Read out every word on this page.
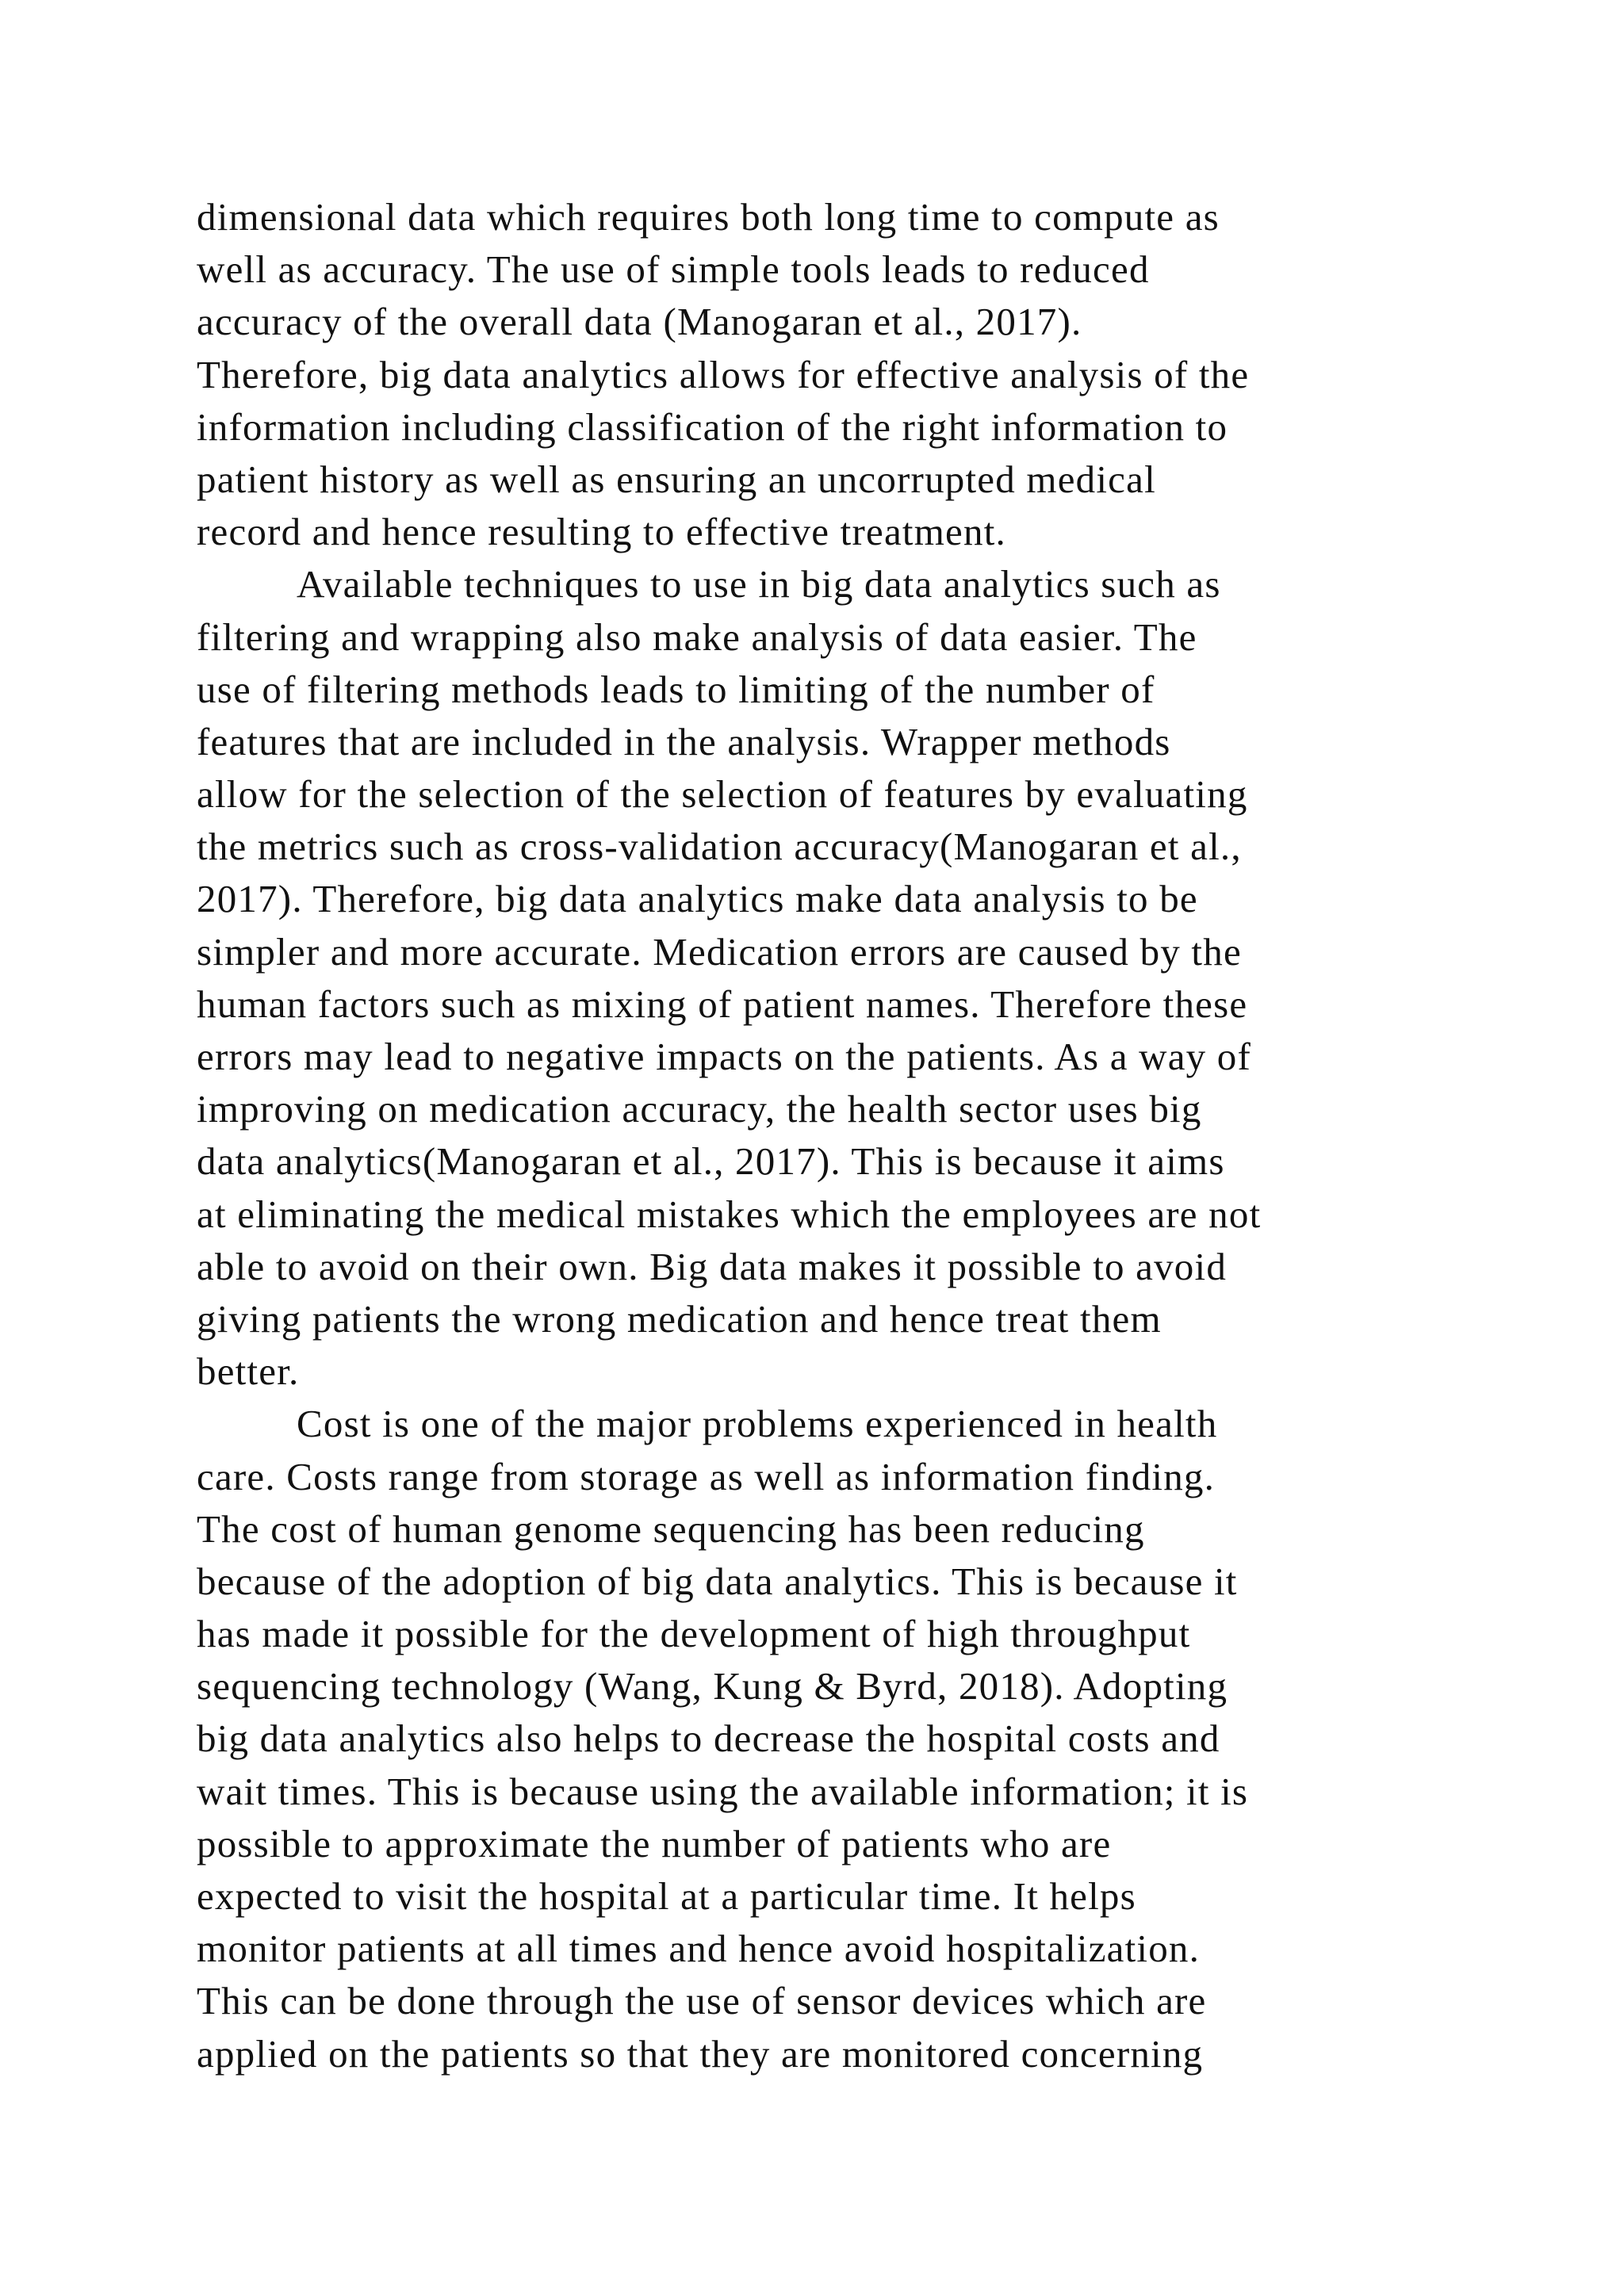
dimensional data which requires both long time to compute as
well as accuracy. The use of simple tools leads to reduced
accuracy of the overall data (Manogaran et al., 2017).
Therefore, big data analytics allows for effective analysis of the
information including classification of the right information to
patient history as well as ensuring an uncorrupted medical
record and hence resulting to effective treatment.
Available techniques to use in big data analytics such as
filtering and wrapping also make analysis of data easier. The
use of filtering methods leads to limiting of the number of
features that are included in the analysis. Wrapper methods
allow for the selection of the selection of features by evaluating
the metrics such as cross-validation accuracy(Manogaran et al.,
2017). Therefore, big data analytics make data analysis to be
simpler and more accurate. Medication errors are caused by the
human factors such as mixing of patient names. Therefore these
errors may lead to negative impacts on the patients. As a way of
improving on medication accuracy, the health sector uses big
data analytics(Manogaran et al., 2017). This is because it aims
at eliminating the medical mistakes which the employees are not
able to avoid on their own. Big data makes it possible to avoid
giving patients the wrong medication and hence treat them
better.
Cost is one of the major problems experienced in health
care. Costs range from storage as well as information finding.
The cost of human genome sequencing has been reducing
because of the adoption of big data analytics. This is because it
has made it possible for the development of high throughput
sequencing technology (Wang, Kung & Byrd, 2018). Adopting
big data analytics also helps to decrease the hospital costs and
wait times. This is because using the available information; it is
possible to approximate the number of patients who are
expected to visit the hospital at a particular time. It helps
monitor patients at all times and hence avoid hospitalization.
This can be done through the use of sensor devices which are
applied on the patients so that they are monitored concerning
